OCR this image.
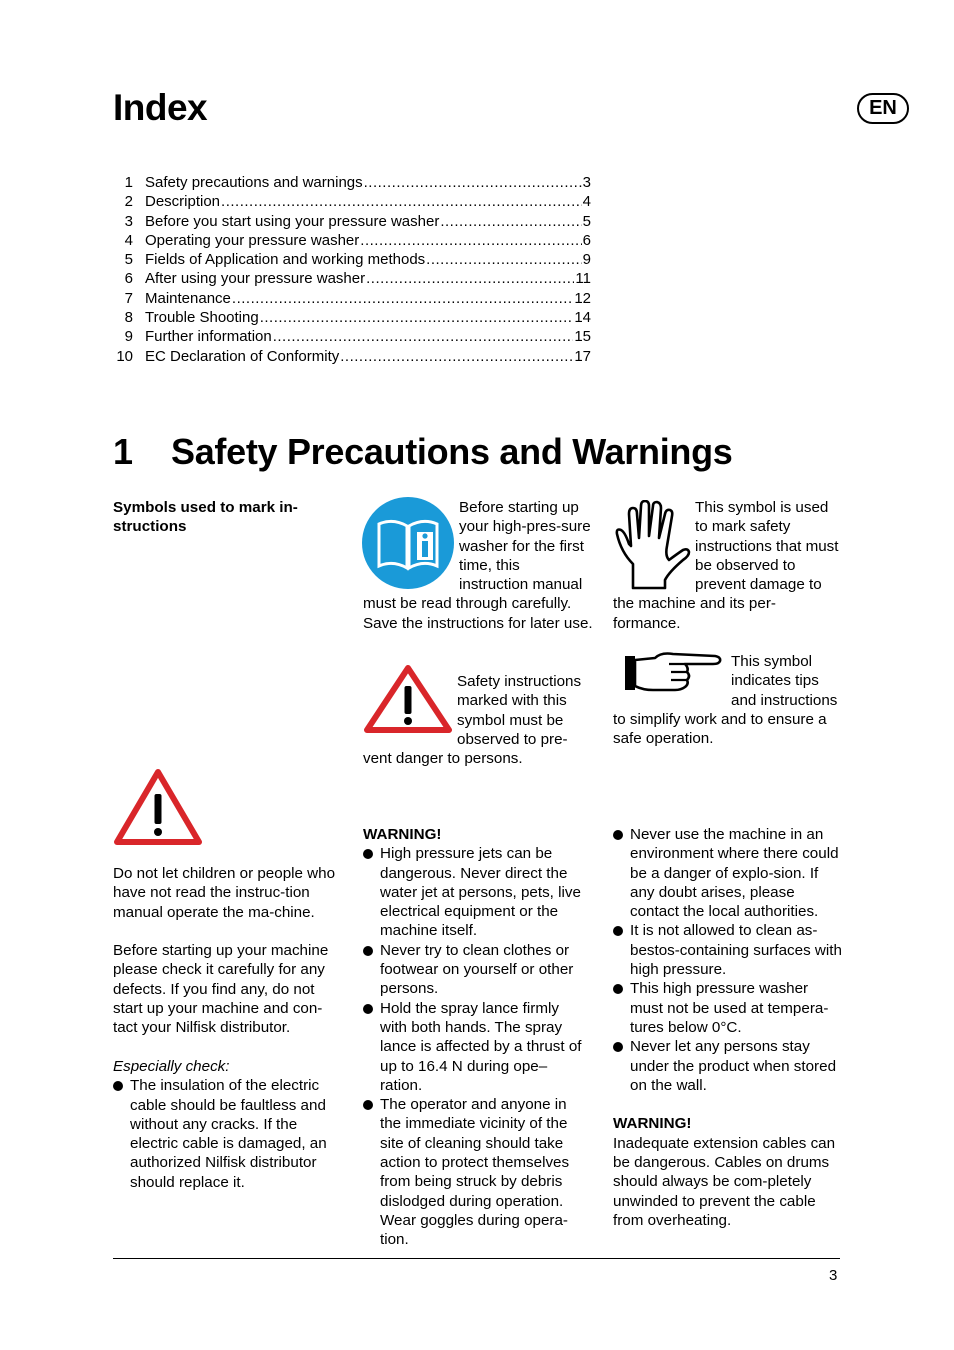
Index	EN
1 Safety precautions and warnings .....	3
2 Description .....	4
3 Before you start using your pressure washer .....	5
4 Operating your pressure washer .....	6
5 Fields of Application and working methods .....	9
6 After using your pressure washer .....	11
7 Maintenance .....	12
8 Trouble Shooting .....	14
9 Further information .....	15
10 EC Declaration of Conformity .....	17
1 Safety Precautions and Warnings
Symbols used to mark in-structions
Before starting up your high-pres-sure washer for the first time, this instruction manual must be read through carefully. Save the instructions for later use.
Safety instructions marked with this symbol must be observed to pre-vent danger to persons.
This symbol is used to mark safety instructions that must be observed to prevent damage to the machine and its per-formance.
This symbol indicates tips and instructions to simplify work and to ensure a safe operation.

Do not let children or people who have not read the instruc-tion manual operate the ma-chine.

Before starting up your machine please check it carefully for any defects. If you find any, do not start up your machine and con-tact your Nilfisk distributor.

Especially check:

The insulation of the electric cable should be faultless and without any cracks. If the electric cable is damaged, an authorized Nilfisk distributor should replace it.

WARNING!

High pressure jets can be dangerous. Never direct the water jet at persons, pets, live electrical equipment or the machine itself.
Never try to clean clothes or footwear on yourself or other persons.
Hold the spray lance firmly with both hands. The spray lance is affected by a thrust of up to 16.4 N during ope–ration.
The operator and anyone in the immediate vicinity of the site of cleaning should take action to protect themselves from being struck by debris dislodged during operation. Wear goggles during opera-tion.
Never use the machine in an environment where there could be a danger of explo-sion. If any doubt arises, please contact the local authorities.
It is not allowed to clean as-bestos-containing surfaces with high pressure.
This high pressure washer must not be used at tempera-tures below 0°C.
Never let any persons stay under the product when stored on the wall.

WARNING!

Inadequate extension cables can be dangerous. Cables on drums should always be com-pletely unwinded to prevent the cable from overheating.

3
